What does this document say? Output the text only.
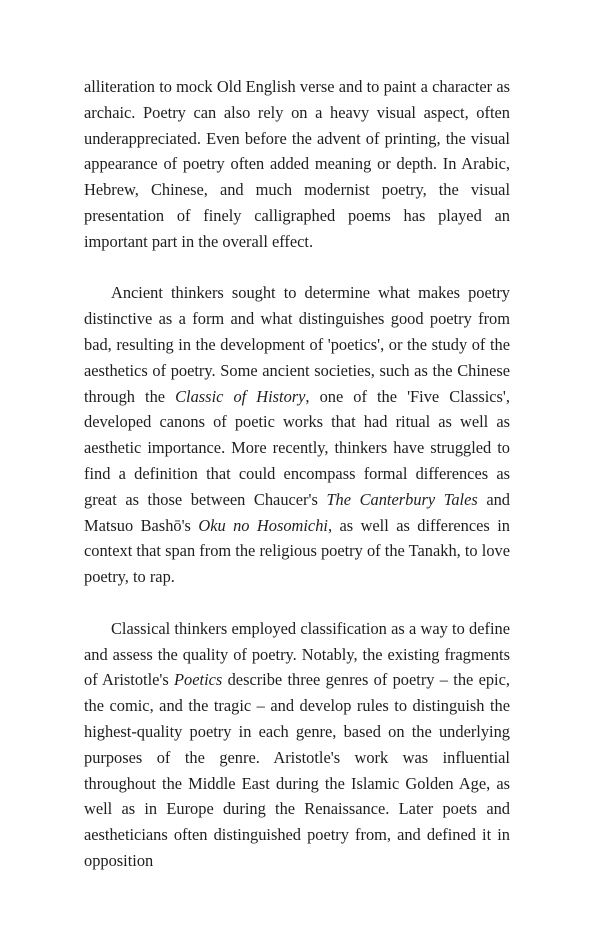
alliteration to mock Old English verse and to paint a character as archaic. Poetry can also rely on a heavy visual aspect, often underappreciated. Even before the advent of printing, the visual appearance of poetry often added meaning or depth. In Arabic, Hebrew, Chinese, and much modernist poetry, the visual presentation of finely calligraphed poems has played an important part in the overall effect.

Ancient thinkers sought to determine what makes poetry distinctive as a form and what distinguishes good poetry from bad, resulting in the development of 'poetics', or the study of the aesthetics of poetry. Some ancient societies, such as the Chinese through the Classic of History, one of the 'Five Classics', developed canons of poetic works that had ritual as well as aesthetic importance. More recently, thinkers have struggled to find a definition that could encompass formal differences as great as those between Chaucer's The Canterbury Tales and Matsuo Bashō's Oku no Hosomichi, as well as differences in context that span from the religious poetry of the Tanakh, to love poetry, to rap.

Classical thinkers employed classification as a way to define and assess the quality of poetry. Notably, the existing fragments of Aristotle's Poetics describe three genres of poetry – the epic, the comic, and the tragic – and develop rules to distinguish the highest-quality poetry in each genre, based on the underlying purposes of the genre. Aristotle's work was influential throughout the Middle East during the Islamic Golden Age, as well as in Europe during the Renaissance. Later poets and aestheticians often distinguished poetry from, and defined it in opposition
